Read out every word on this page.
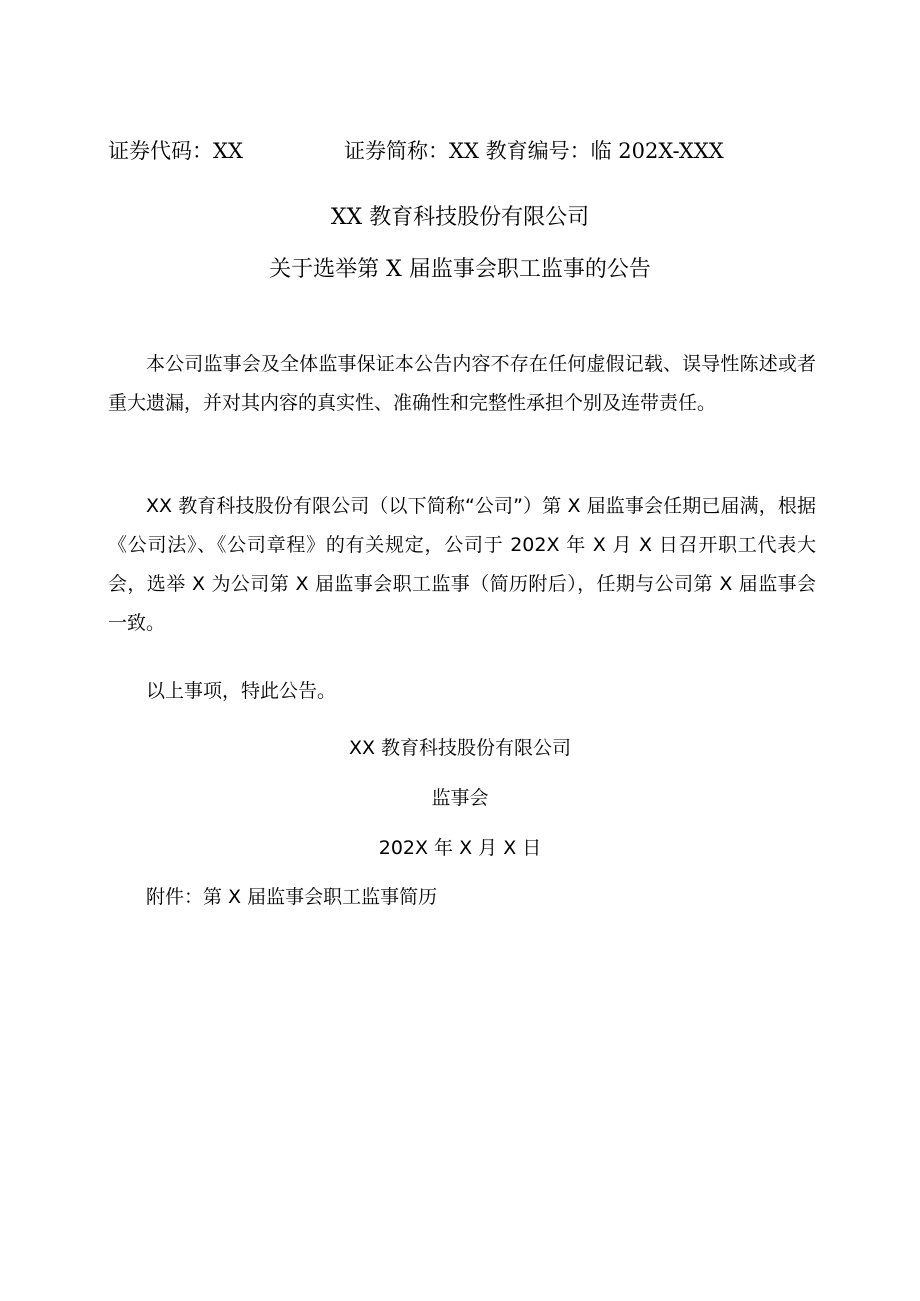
证券代码：XX	证券简称：XX 教育编号：临 202X-XXX
XX 教育科技股份有限公司
关于选举第 X 届监事会职工监事的公告
本公司监事会及全体监事保证本公告内容不存在任何虚假记载、误导性陈述或者重大遗漏，并对其内容的真实性、准确性和完整性承担个别及连带责任。
XX 教育科技股份有限公司（以下简称“公司”）第 X 届监事会任期已届满，根据《公司法》、《公司章程》的有关规定，公司于 202X 年 X 月 X 日召开职工代表大会，选举 X 为公司第 X 届监事会职工监事（简历附后），任期与公司第 X 届监事会一致。
以上事项，特此公告。
XX 教育科技股份有限公司
监事会
202X 年 X 月 X 日
附件：第 X 届监事会职工监事简历
